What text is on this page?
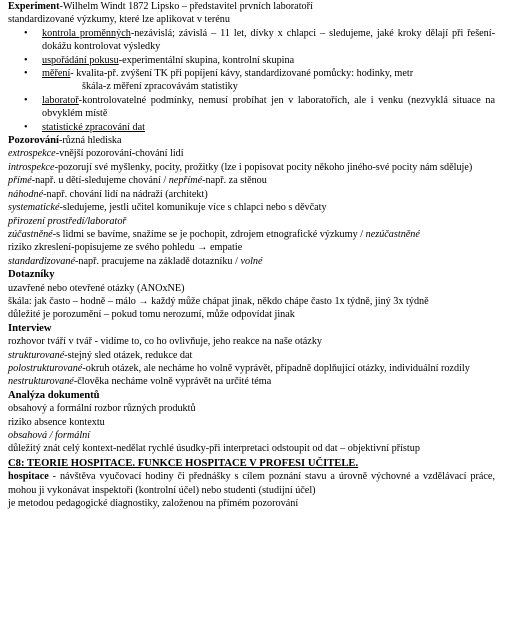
Experiment-Wilhelm Windt 1872 Lipsko – představitel prvních laboratoří

standardizované výzkumy, které lze aplikovat v terénu

• kontrola proměnných-nezávislá; závislá – 11 let, dívky x chlapci – sledujeme, jaké kroky dělají při řešení-dokážu kontrolovat výsledky
• uspořádání pokusu-experimentální skupina, kontrolní skupina
• měření- kvalita-př. zvýšení TK při popíjení kávy, standardizované pomůcky: hodinky, metr
škála-z měření zpracovávám statistiky
• laboratoř-kontrolovatelné podmínky, nemusí probíhat jen v laboratořích, ale i venku (nezvyklá situace na obvyklém místě
• statistické zpracování dat

Pozorování-různá hlediska

extrospekce-vnější pozorování-chování lidí

introspekce-pozorují své myšlenky, pocity, prožitky (lze i popisovat pocity někoho jiného-své pocity nám sdělujе)

přímé-např. u dětí-sledujeme chování / nepřímé-např. za stěnou

náhodné-např. chování lidí na nádraží (architekt)

systematické-sledujeme, jestli učitel komunikuje více s chlapci nebo s děvčaty

přirození prostředí/laboratoř

zúčastněné-s lidmi se bavíme, snažíme se je pochopit, zdrojem etnografické výzkumy / nezúčastněné

riziko zkreslení-popisujeme ze svého pohledu → empatie

standardizované-např. pracujeme na základě dotazníku / volné

Dotazníky

uzavřené nebo otevřené otázky (ANOxNE)

škála: jak často – hodně – málo → každý může chápat jinak, někdo chápe často 1x týdně, jiný 3x týdně

důležité je porozumění – pokud tomu nerozumí, může odpovídat jinak

Interview

rozhovor tváří v tvář - vidíme to, co ho ovlivňuje, jeho reakce na naše otázky

strukturované-stejný sled otázek, redukce dat

polostrukturované-okruh otázek, ale necháme ho volně vyprávět, případně doplňující otázky, individuální rozdíly

nestrukturované-člověka necháme volně vyprávět na určité téma

Analýza dokumentů

obsahový a formální rozbor různých produktů

riziko absence kontextu

obsahová / formální

důležitý znát celý kontext-nedělat rychlé úsudky-při interpretaci odstoupit od dat – objektivní přístup

C8: TEORIE HOSPITACE. FUNKCE HOSPITACE V PROFESI UČITELE.

hospitace - návštěva vyučovací hodiny či přednášky s cílem poznání stavu a úrovně výchovné a vzdělávací práce, mohou ji vykonávat inspektoři (kontrolní účel) nebo studenti (studijní účel)

je metodou pedagogické diagnostiky, založenou na přímém pozorování
